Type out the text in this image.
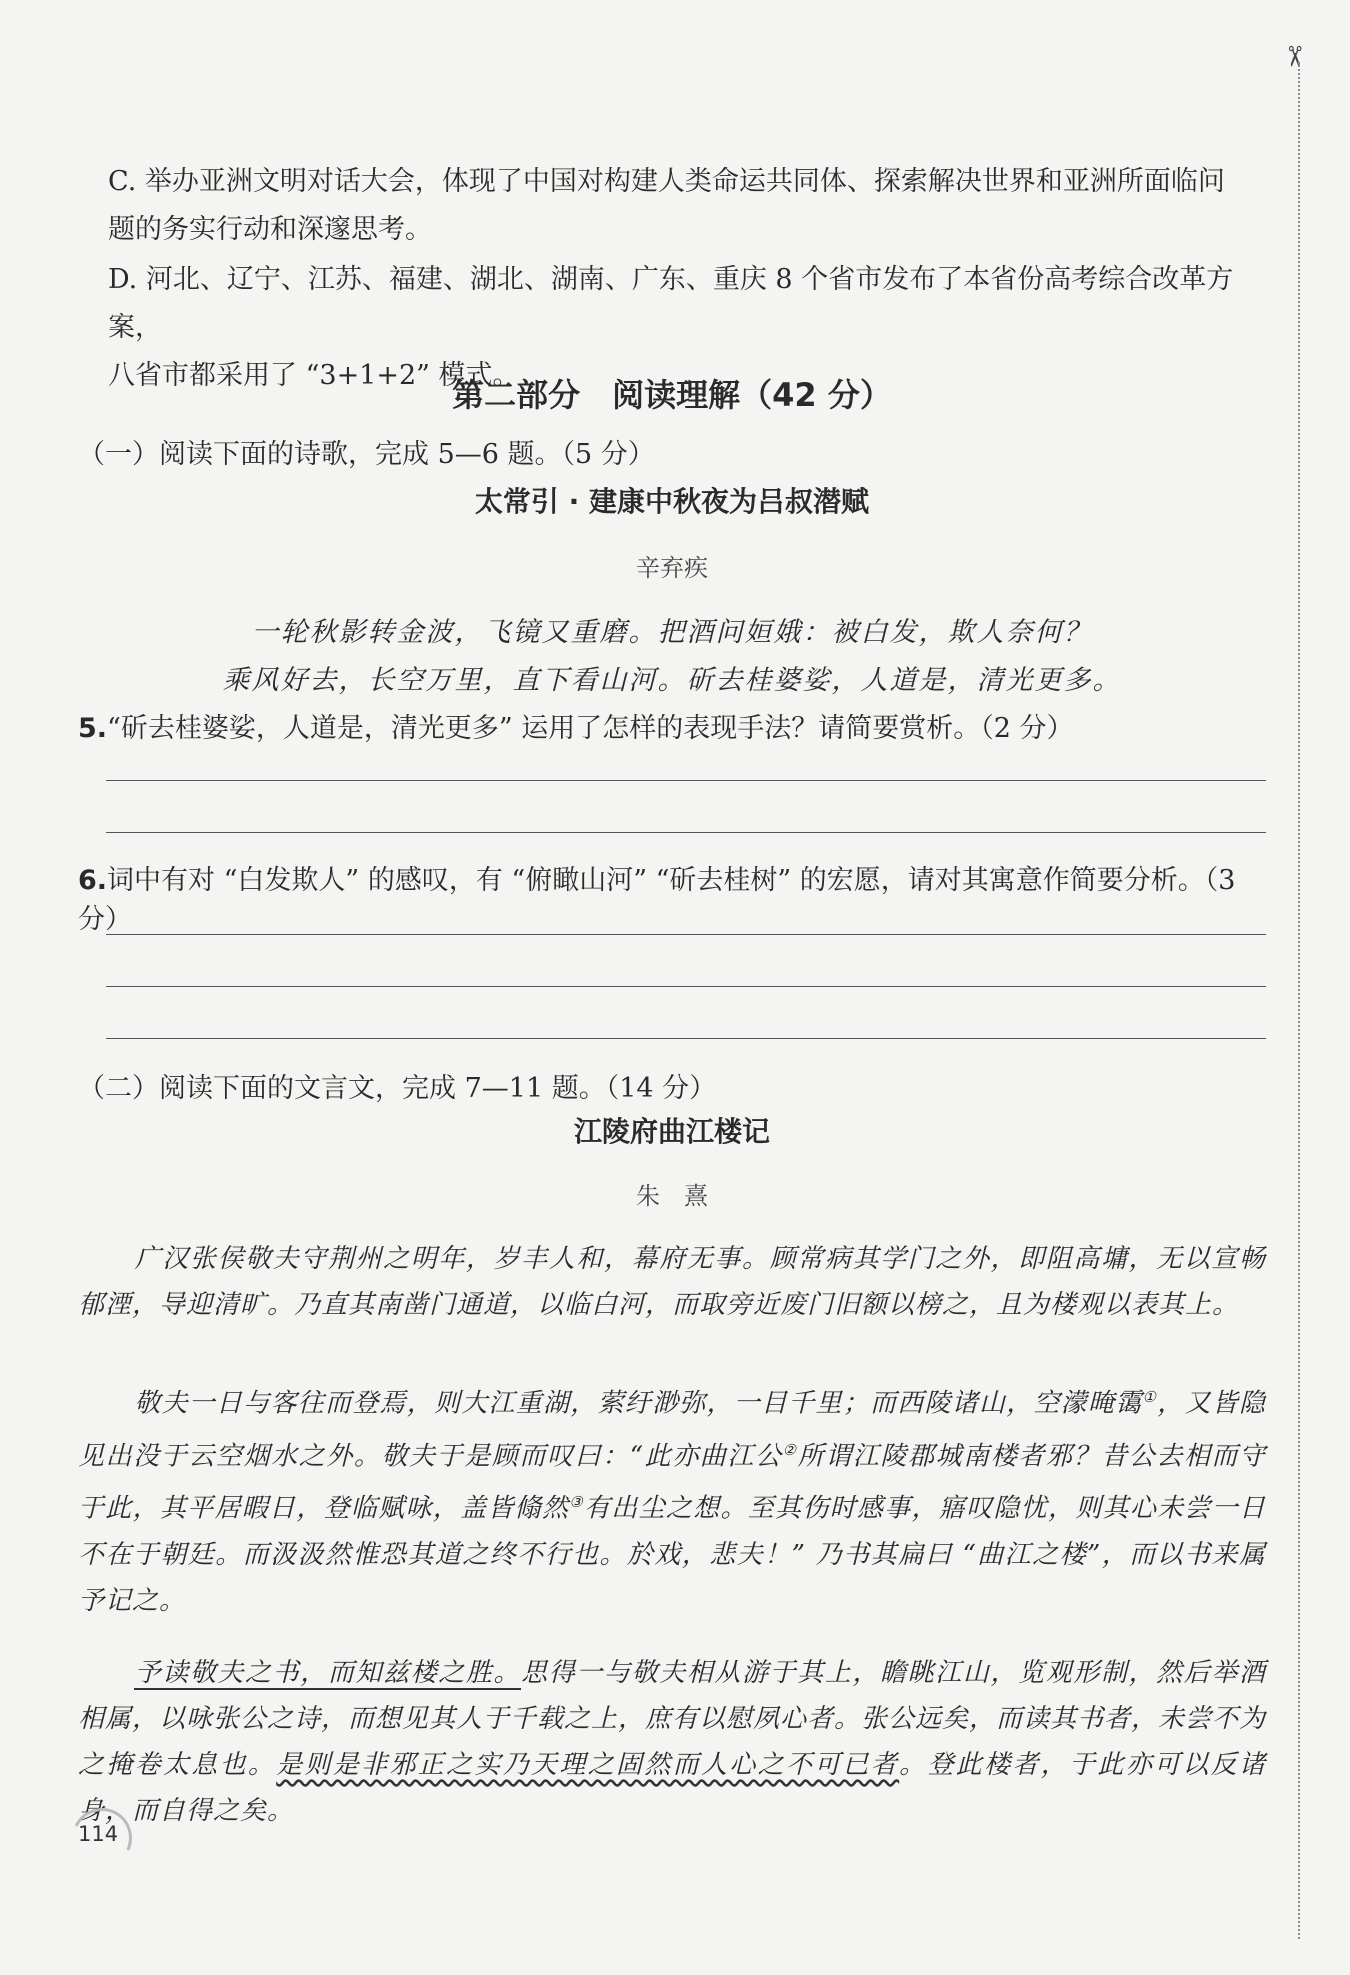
✂
C. 举办亚洲文明对话大会，体现了中国对构建人类命运共同体、探索解决世界和亚洲所面临问
题的务实行动和深邃思考。
D. 河北、辽宁、江苏、福建、湖北、湖南、广东、重庆 8 个省市发布了本省份高考综合改革方案，
八省市都采用了 “3+1+2” 模式。
第二部分　阅读理解（42 分）
（一）阅读下面的诗歌，完成 5—6 题。（5 分）
太常引 · 建康中秋夜为吕叔潜赋
辛弃疾
一轮秋影转金波，飞镜又重磨。把酒问姮娥：被白发，欺人奈何？
乘风好去，长空万里，直下看山河。斫去桂婆娑，人道是，清光更多。
5.“斫去桂婆娑，人道是，清光更多” 运用了怎样的表现手法？请简要赏析。（2 分）
6.词中有对 “白发欺人” 的感叹，有 “俯瞰山河” “斫去桂树” 的宏愿，请对其寓意作简要分析。（3 分）
（二）阅读下面的文言文，完成 7—11 题。（14 分）
江陵府曲江楼记
朱　熹
广汉张侯敬夫守荆州之明年，岁丰人和，幕府无事。顾常病其学门之外，即阻高墉，无以宣畅郁湮，导迎清旷。乃直其南凿门通道，以临白河，而取旁近废门旧额以榜之，且为楼观以表其上。
敬夫一日与客往而登焉，则大江重湖，萦纡渺弥，一目千里；而西陵诸山，空濛晻霭①，又皆隐见出没于云空烟水之外。敬夫于是顾而叹曰：“此亦曲江公②所谓江陵郡城南楼者邪？昔公去相而守于此，其平居暇日，登临赋咏，盖皆翛然③有出尘之想。至其伤时感事，寤叹隐忧，则其心未尝一日不在于朝廷。而汲汲然惟恐其道之终不行也。於戏，悲夫！” 乃书其扁曰 “曲江之楼”，而以书来属予记之。
予读敬夫之书，而知兹楼之胜。思得一与敬夫相从游于其上，瞻眺江山，览观形制，然后举酒相属，以咏张公之诗，而想见其人于千载之上，庶有以慰夙心者。张公远矣，而读其书者，未尝不为之掩卷太息也。是则是非邪正之实乃天理之固然而人心之不可已者。登此楼者，于此亦可以反诸身，而自得之矣。
114
